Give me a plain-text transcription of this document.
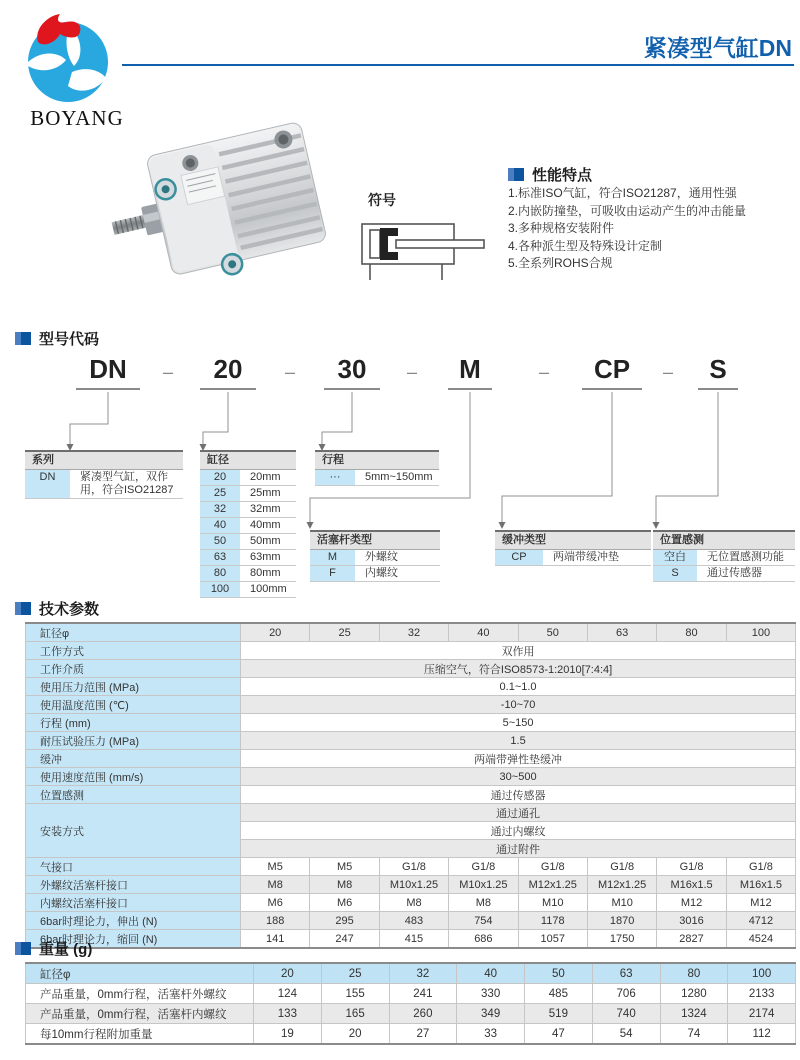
BOYANG
紧凑型气缸DN
符号
性能特点
1.标准ISO气缸，符合ISO21287，通用性强
2.内嵌防撞垫，可吸收由运动产生的冲击能量
3.多种规格安装附件
4.各种派生型及特殊设计定制
5.全系列ROHS合规
型号代码
DN	–	20	–	30	–	M	–	CP	–	S
系列
DN	紧凑型气缸，双作用，符合ISO21287
缸径
20	20mm
25	25mm
32	32mm
40	40mm
50	50mm
63	63mm
80	80mm
100	100mm
行程
···	5mm~150mm
活塞杆类型
M	外螺纹
F	内螺纹
缓冲类型
CP	两端带缓冲垫
位置感测
空白	无位置感测功能
S	通过传感器
技术参数
缸径φ	20	25	32	40	50	63	80	100
工作方式	双作用							
工作介质	压缩空气，符合ISO8573-1:2010[7:4:4]							
使用压力范围 (MPa)	0.1~1.0							
使用温度范围 (℃)	-10~70							
行程 (mm)	5~150							
耐压试验压力 (MPa)	1.5							
缓冲	两端带弹性垫缓冲							
使用速度范围 (mm/s)	30~500							
位置感测	通过传感器							
安装方式	通过通孔							
	通过内螺纹							
	通过附件							
气接口	M5	M5	G1/8	G1/8	G1/8	G1/8	G1/8	G1/8
外螺纹活塞杆接口	M8	M8	M10x1.25	M10x1.25	M12x1.25	M12x1.25	M16x1.5	M16x1.5
内螺纹活塞杆接口	M6	M6	M8	M8	M10	M10	M12	M12
6bar时理论力，伸出 (N)	188	295	483	754	1178	1870	3016	4712
6bar时理论力，缩回 (N)	141	247	415	686	1057	1750	2827	4524
重量 (g)
缸径φ	20	25	32	40	50	63	80	100
产品重量，0mm行程，活塞杆外螺纹	124	155	241	330	485	706	1280	2133
产品重量，0mm行程，活塞杆内螺纹	133	165	260	349	519	740	1324	2174
每10mm行程附加重量	19	20	27	33	47	54	74	112
